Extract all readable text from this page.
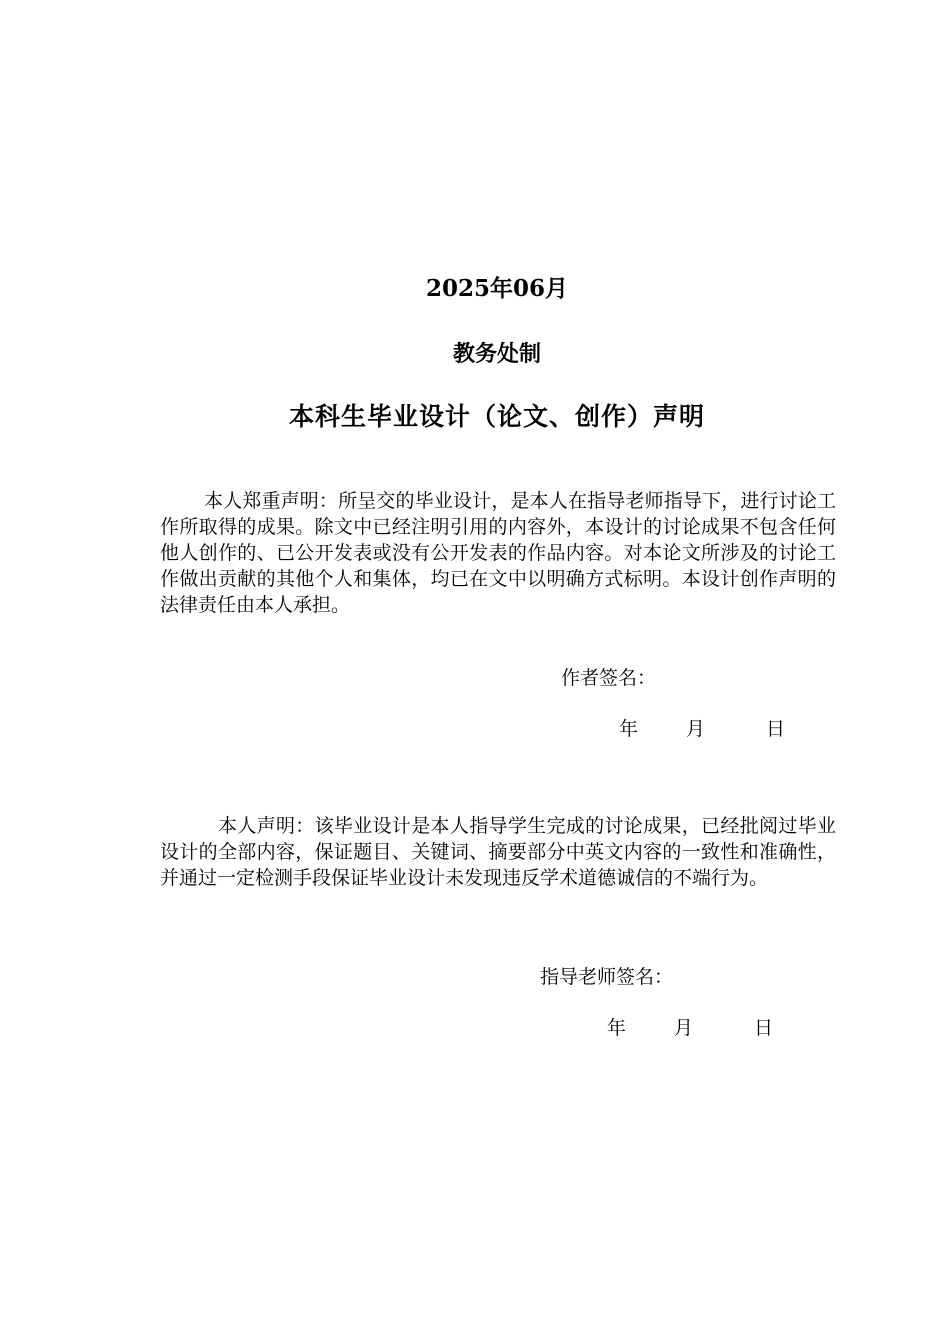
2025年06月
教务处制
本科生毕业设计（论文、创作）声明

本人郑重声明：所呈交的毕业设计，是本人在指导老师指导下，进行讨论工作所取得的成果。除文中已经注明引用的内容外，本设计的讨论成果不包含任何他人创作的、已公开发表或没有公开发表的作品内容。对本论文所涉及的讨论工作做出贡献的其他个人和集体，均已在文中以明确方式标明。本设计创作声明的法律责任由本人承担。

作者签名：
年	月	日

本人声明：该毕业设计是本人指导学生完成的讨论成果，已经批阅过毕业设计的全部内容，保证题目、关键词、摘要部分中英文内容的一致性和准确性，并通过一定检测手段保证毕业设计未发现违反学术道德诚信的不端行为。

指导老师签名：
年	月	日
